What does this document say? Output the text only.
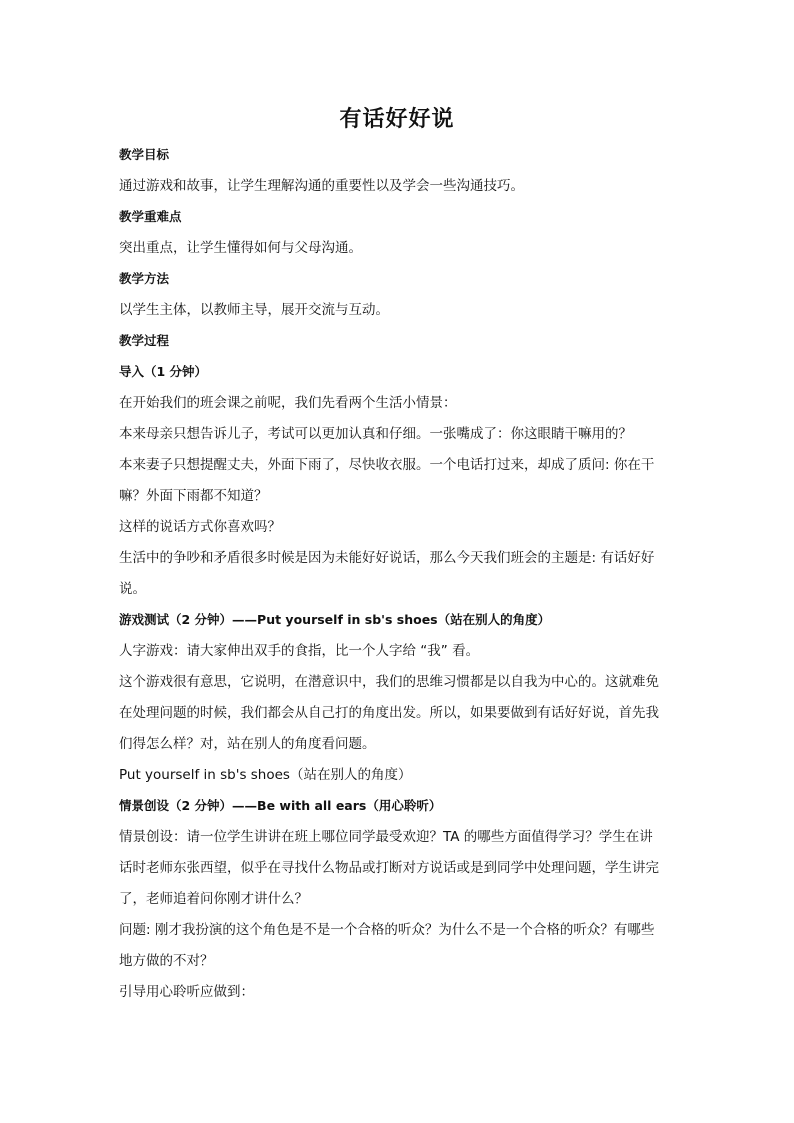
有话好好说
教学目标
通过游戏和故事，让学生理解沟通的重要性以及学会一些沟通技巧。
教学重难点
突出重点，让学生懂得如何与父母沟通。
教学方法
以学生主体，以教师主导，展开交流与互动。
教学过程
导入（1 分钟）
在开始我们的班会课之前呢，我们先看两个生活小情景：
本来母亲只想告诉儿子，考试可以更加认真和仔细。一张嘴成了：你这眼睛干嘛用的？
本来妻子只想提醒丈夫，外面下雨了，尽快收衣服。一个电话打过来，却成了质问: 你在干
嘛？外面下雨都不知道？
这样的说话方式你喜欢吗？
生活中的争吵和矛盾很多时候是因为未能好好说话，那么今天我们班会的主题是: 有话好好
说。
游戏测试（2 分钟）——Put yourself in sb's shoes（站在别人的角度）
人字游戏：请大家伸出双手的食指，比一个人字给 “我” 看。
这个游戏很有意思，它说明，在潜意识中，我们的思维习惯都是以自我为中心的。这就难免
在处理问题的时候，我们都会从自己打的角度出发。所以，如果要做到有话好好说，首先我
们得怎么样？对，站在别人的角度看问题。
Put yourself in sb's shoes（站在别人的角度）
情景创设（2 分钟）——Be with all ears（用心聆听）
情景创设：请一位学生讲讲在班上哪位同学最受欢迎？TA 的哪些方面值得学习？学生在讲
话时老师东张西望，似乎在寻找什么物品或打断对方说话或是到同学中处理问题，学生讲完
了，老师追着问你刚才讲什么？
问题: 刚才我扮演的这个角色是不是一个合格的听众？为什么不是一个合格的听众？有哪些
地方做的不对？
引导用心聆听应做到：
